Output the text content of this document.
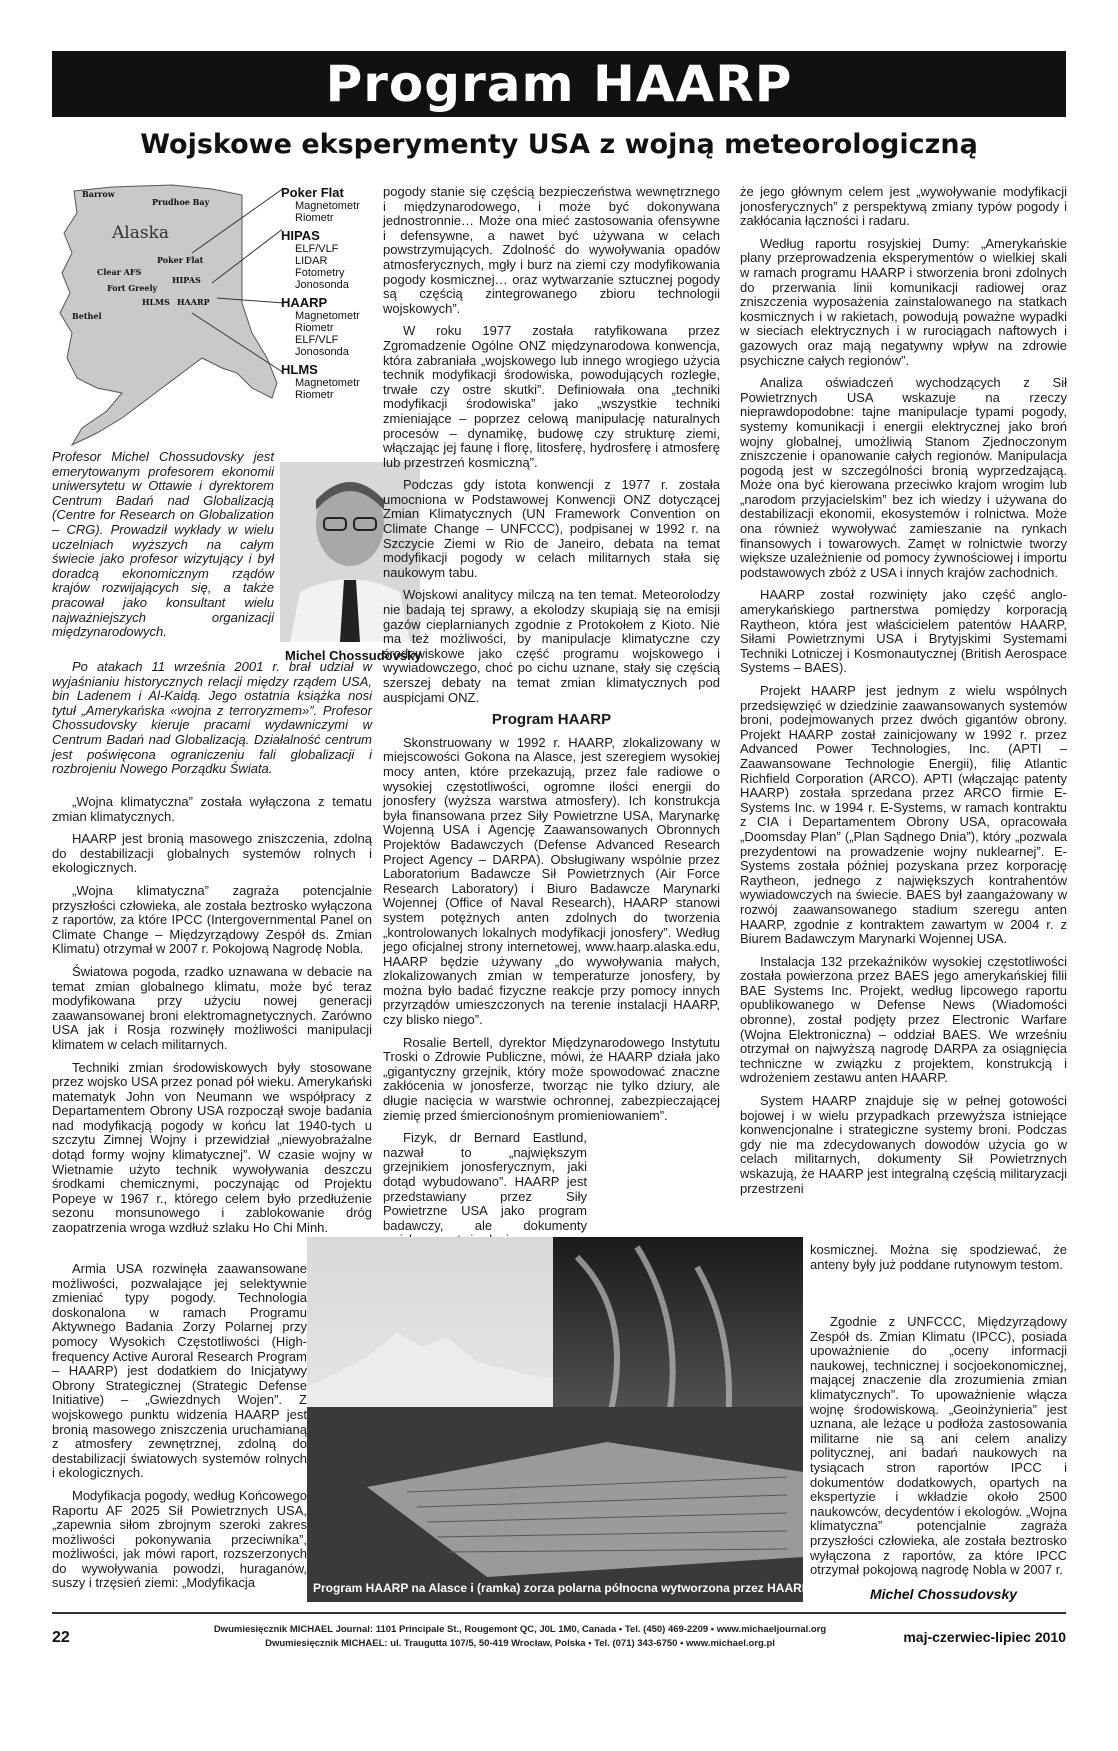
Program HAARP
Wojskowe eksperymenty USA z wojną meteorologiczną
Barrow
Prudhoe Bay
Clear AFS
Poker Flat
Fort Greely
HIPAS
HAARP
HLMS
Bethel
Alaska
Poker Flat
Magnetometr
Riometr
HIPAS
ELF/VLF
LIDAR
Fotometry
Jonosonda
HAARP
Magnetometr
Riometr
ELF/VLF
Jonosonda
HLMS
Magnetometr
Riometr

Profesor Michel Chossudovsky jest emerytowanym profesorem ekonomii uniwersytetu w Ottawie i dyrektorem Centrum Badań nad Globalizacją (Centre for Research on Globalization – CRG). Prowadził wykłady w wielu uczelniach wyższych na całym świecie jako profesor wizytujący i był doradcą ekonomicznym rządów krajów rozwijających się, a także pracował jako konsultant wielu najważniejszych organizacji międzynarodowych.

Po atakach 11 września 2001 r. brał udział w wyjaśnianiu historycznych relacji między rządem USA, bin Ladenem i Al-Kaidą. Jego ostatnia książka nosi tytuł „Amerykańska «wojna z terroryzmem»”. Profesor Chossudovsky kieruje pracami wydawniczymi w Centrum Badań nad Globalizacją. Działalność centrum jest poświęcona ograniczeniu fali globalizacji i rozbrojeniu Nowego Porządku Świata.

Michel Chossudovsky

„Wojna klimatyczna” została wyłączona z tematu zmian klimatycznych.

HAARP jest bronią masowego zniszczenia, zdolną do destabilizacji globalnych systemów rolnych i ekologicznych.

„Wojna klimatyczna” zagraża potencjalnie przyszłości człowieka, ale została beztrosko wyłączona z raportów, za które IPCC (Intergovernmental Panel on Climate Change – Międzyrządowy Zespół ds. Zmian Klimatu) otrzymał w 2007 r. Pokojową Nagrodę Nobla.

Światowa pogoda, rzadko uznawana w debacie na temat zmian globalnego klimatu, może być teraz modyfikowana przy użyciu nowej generacji zaawansowanej broni elektromagnetycznych. Zarówno USA jak i Rosja rozwinęły możliwości manipulacji klimatem w celach militarnych.

Techniki zmian środowiskowych były stosowane przez wojsko USA przez ponad pół wieku. Amerykański matematyk John von Neumann we współpracy z Departamentem Obrony USA rozpoczął swoje badania nad modyfikacją pogody w końcu lat 1940-tych u szczytu Zimnej Wojny i przewidział „niewyobrażalne dotąd formy wojny klimatycznej”. W czasie wojny w Wietnamie użyto technik wywoływania deszczu środkami chemicznymi, poczynając od Projektu Popeye w 1967 r., którego celem było przedłużenie sezonu monsunowego i zablokowanie dróg zaopatrzenia wroga wzdłuż szlaku Ho Chi Minh.

Armia USA rozwinęła zaawansowane możliwości, pozwalające jej selektywnie zmieniać typy pogody. Technologia doskonalona w ramach Programu Aktywnego Badania Zorzy Polarnej przy pomocy Wysokich Częstotliwości (High-frequency Active Auroral Research Program – HAARP) jest dodatkiem do Inicjatywy Obrony Strategicznej (Strategic Defense Initiative) – „Gwiezdnych Wojen”. Z wojskowego punktu widzenia HAARP jest bronią masowego zniszczenia uruchamianą z atmosfery zewnętrznej, zdolną do destabilizacji światowych systemów rolnych i ekologicznych.

Modyfikacja pogody, według Końcowego Raportu AF 2025 Sił Powietrznych USA, „zapewnia siłom zbrojnym szeroki zakres możliwości pokonywania przeciwnika”, możliwości, jak mówi raport, rozszerzonych do wywoływania powodzi, huraganów, suszy i trzęsień ziemi: „Modyfikacja

pogody stanie się częścią bezpieczeństwa wewnętrznego i międzynarodowego, i może być dokonywana jednostronnie… Może ona mieć zastosowania ofensywne i defensywne, a nawet być używana w celach powstrzymujących. Zdolność do wywoływania opadów atmosferycznych, mgły i burz na ziemi czy modyfikowania pogody kosmicznej… oraz wytwarzanie sztucznej pogody są częścią zintegrowanego zbioru technologii wojskowych”.

W roku 1977 została ratyfikowana przez Zgromadzenie Ogólne ONZ międzynarodowa konwencja, która zabraniała „wojskowego lub innego wrogiego użycia technik modyfikacji środowiska, powodujących rozległe, trwałe czy ostre skutki”. Definiowała ona „techniki modyfikacji środowiska” jako „wszystkie techniki zmieniające – poprzez celową manipulację naturalnych procesów – dynamikę, budowę czy strukturę ziemi, włączając jej faunę i florę, litosferę, hydrosferę i atmosferę lub przestrzeń kosmiczną”.

Podczas gdy istota konwencji z 1977 r. została umocniona w Podstawowej Konwencji ONZ dotyczącej Zmian Klimatycznych (UN Framework Convention on Climate Change – UNFCCC), podpisanej w 1992 r. na Szczycie Ziemi w Rio de Janeiro, debata na temat modyfikacji pogody w celach militarnych stała się naukowym tabu.

Wojskowi analitycy milczą na ten temat. Meteorolodzy nie badają tej sprawy, a ekolodzy skupiają się na emisji gazów cieplarnianych zgodnie z Protokołem z Kioto. Nie ma też możliwości, by manipulacje klimatyczne czy środowiskowe jako część programu wojskowego i wywiadowczego, choć po cichu uznane, stały się częścią szerszej debaty na temat zmian klimatycznych pod auspicjami ONZ.

Program HAARP

Skonstruowany w 1992 r. HAARP, zlokalizowany w miejscowości Gokona na Alasce, jest szeregiem wysokiej mocy anten, które przekazują, przez fale radiowe o wysokiej częstotliwości, ogromne ilości energii do jonosfery (wyższa warstwa atmosfery). Ich konstrukcja była finansowana przez Siły Powietrzne USA, Marynarkę Wojenną USA i Agencję Zaawansowanych Obronnych Projektów Badawczych (Defense Advanced Research Project Agency – DARPA). Obsługiwany wspólnie przez Laboratorium Badawcze Sił Powietrznych (Air Force Research Laboratory) i Biuro Badawcze Marynarki Wojennej (Office of Naval Research), HAARP stanowi system potężnych anten zdolnych do tworzenia „kontrolowanych lokalnych modyfikacji jonosfery”. Według jego oficjalnej strony internetowej, www.haarp.alaska.edu, HAARP będzie używany „do wywoływania małych, zlokalizowanych zmian w temperaturze jonosfery, by można było badać fizyczne reakcje przy pomocy innych przyrządów umieszczonych na terenie instalacji HAARP, czy blisko niego”.

Rosalie Bertell, dyrektor Międzynarodowego Instytutu Troski o Zdrowie Publiczne, mówi, że HAARP działa jako „gigantyczny grzejnik, który może spowodować znaczne zakłócenia w jonosferze, tworząc nie tylko dziury, ale długie nacięcia w warstwie ochronnej, zabezpieczającej ziemię przed śmiercionośnym promieniowaniem”.

Fizyk, dr Bernard Eastlund, nazwał to „największym grzejnikiem jonosferycznym, jaki dotąd wybudowano”. HAARP jest przedstawiany przez Siły Powietrzne USA jako program badawczy, ale dokumenty

że jego głównym celem jest „wywoływanie modyfikacji jonosferycznych” z perspektywą zmiany typów pogody i zakłócania łączności i radaru.

Według raportu rosyjskiej Dumy: „Amerykańskie plany przeprowadzenia eksperymentów o wielkiej skali w ramach programu HAARP i stworzenia broni zdolnych do przerwania linii komunikacji radiowej oraz zniszczenia wyposażenia zainstalowanego na statkach kosmicznych i w rakietach, powodują poważne wypadki w sieciach elektrycznych i w rurociągach naftowych i gazowych oraz mają negatywny wpływ na zdrowie psychiczne całych regionów”.

Analiza oświadczeń wychodzących z Sił Powietrznych USA wskazuje na rzeczy nieprawdopodobne: tajne manipulacje typami pogody, systemy komunikacji i energii elektrycznej jako broń wojny globalnej, umożliwią Stanom Zjednoczonym zniszczenie i opanowanie całych regionów. Manipulacja pogodą jest w szczególności bronią wyprzedzającą. Może ona być kierowana przeciwko krajom wrogim lub „narodom przyjacielskim” bez ich wiedzy i używana do destabilizacji ekonomii, ekosystemów i rolnictwa. Może ona również wywoływać zamieszanie na rynkach finansowych i towarowych. Zamęt w rolnictwie tworzy większe uzależnienie od pomocy żywnościowej i importu podstawowych zbóż z USA i innych krajów zachodnich.

HAARP został rozwinięty jako część anglo-amerykańskiego partnerstwa pomiędzy korporacją Raytheon, która jest właścicielem patentów HAARP, Siłami Powietrznymi USA i Brytyjskimi Systemami Techniki Lotniczej i Kosmonautycznej (British Aerospace Systems – BAES).

Projekt HAARP jest jednym z wielu wspólnych przedsięwzięć w dziedzinie zaawansowanych systemów broni, podejmowanych przez dwóch gigantów obrony. Projekt HAARP został zainicjowany w 1992 r. przez Advanced Power Technologies, Inc. (APTI – Zaawansowane Technologie Energii), filię Atlantic Richfield Corporation (ARCO). APTI (włączając patenty HAARP) została sprzedana przez ARCO firmie E-Systems Inc. w 1994 r. E-Systems, w ramach kontraktu z CIA i Departamentem Obrony USA, opracowała „Doomsday Plan” („Plan Sądnego Dnia”), który „pozwala prezydentowi na prowadzenie wojny nuklearnej”. E-Systems została później pozyskana przez korporację Raytheon, jednego z największych kontrahentów wywiadowczych na świecie. BAES był zaangażowany w rozwój zaawansowanego stadium szeregu anten HAARP, zgodnie z kontraktem zawartym w 2004 r. z Biurem Badawczym Marynarki Wojennej USA.

Instalacja 132 przekaźników wysokiej częstotliwości została powierzona przez BAES jego amerykańskiej filii BAE Systems Inc. Projekt, według lipcowego raportu opublikowanego w Defense News (Wiadomości obronne), został podjęty przez Electronic Warfare (Wojna Elektroniczna) – oddział BAES. We wrześniu otrzymał on najwyższą nagrodę DARPA za osiągnięcia techniczne w związku z projektem, konstrukcją i wdrożeniem zestawu anten HAARP.

System HAARP znajduje się w pełnej gotowości bojowej i w wielu przypadkach przewyższa istniejące konwencjonalne i strategiczne systemy broni. Podczas gdy nie ma zdecydowanych dowodów użycia go w celach militarnych, dokumenty Sił Powietrznych wskazują, że HAARP jest integralną częścią militaryzacji przestrzeni

kosmicznej. Można się spodziewać, że anteny były już poddane rutynowym testom.

Zgodnie z UNFCCC, Międzyrządowy Zespół ds. Zmian Klimatu (IPCC), posiada upoważnienie do „oceny informacji naukowej, technicznej i socjoekonomicznej, mającej znaczenie dla zrozumienia zmian klimatycznych”. To upoważnienie włącza wojnę środowiskową. „Geoinżynieria” jest uznana, ale leżące u podłoża zastosowania militarne nie są ani celem analizy politycznej, ani badań naukowych na tysiącach stron raportów IPCC i dokumentów dodatkowych, opartych na ekspertyzie i wkładzie około 2500 naukowców, decydentów i ekologów. „Wojna klimatyczna” potencjalnie zagraża przyszłości człowieka, ale została beztrosko wyłączona z raportów, za które IPCC otrzymał pokojową nagrodę Nobla w 2007 r.

Program HAARP na Alasce i (ramka) zorza polarna północna wytworzona przez HAARP	Michel Chossudovsky
22	Dwumiesięcznik MICHAEL Journal: 1101 Principale St., Rougemont QC, J0L 1M0, Canada • Tel. (450) 469-2209 • www.michaeljournal.org
Dwumiesięcznik MICHAEL: ul. Traugutta 107/5, 50-419 Wrocław, Polska • Tel. (071) 343-6750 • www.michael.org.pl	maj-czerwiec-lipiec 2010
